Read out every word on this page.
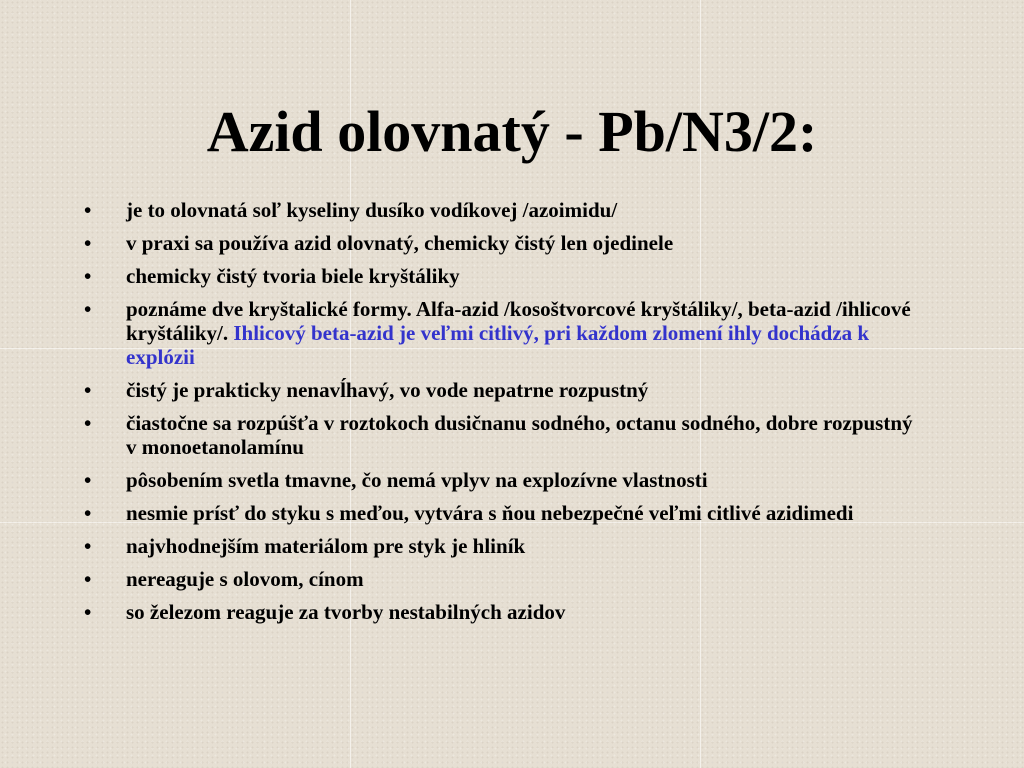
Azid olovnatý - Pb/N3/2:
• je to olovnatá soľ kyseliny dusíko vodíkovej /azoimidu/
• v praxi sa používa azid olovnatý, chemicky čistý len ojedinele
• chemicky čistý tvoria biele kryštáliky
• poznáme dve kryštalické formy. Alfa-azid /kosoštvorcové kryštáliky/, beta-azid /ihlicové kryštáliky/. Ihlicový beta-azid je veľmi citlivý, pri každom zlomení ihly dochádza k explózii
• čistý je prakticky nenavĺhavý, vo vode nepatrne rozpustný
• čiastočne sa rozpúšťa v roztokoch dusičnanu sodného, octanu sodného, dobre rozpustný v monoetanolamínu
• pôsobením svetla tmavne, čo nemá vplyv na explozívne vlastnosti
• nesmie prísť do styku s meďou, vytvára s ňou nebezpečné veľmi citlivé azidimedi
• najvhodnejším materiálom pre styk je hliník
• nereaguje s olovom, cínom
• so železom reaguje za tvorby nestabilných azidov
